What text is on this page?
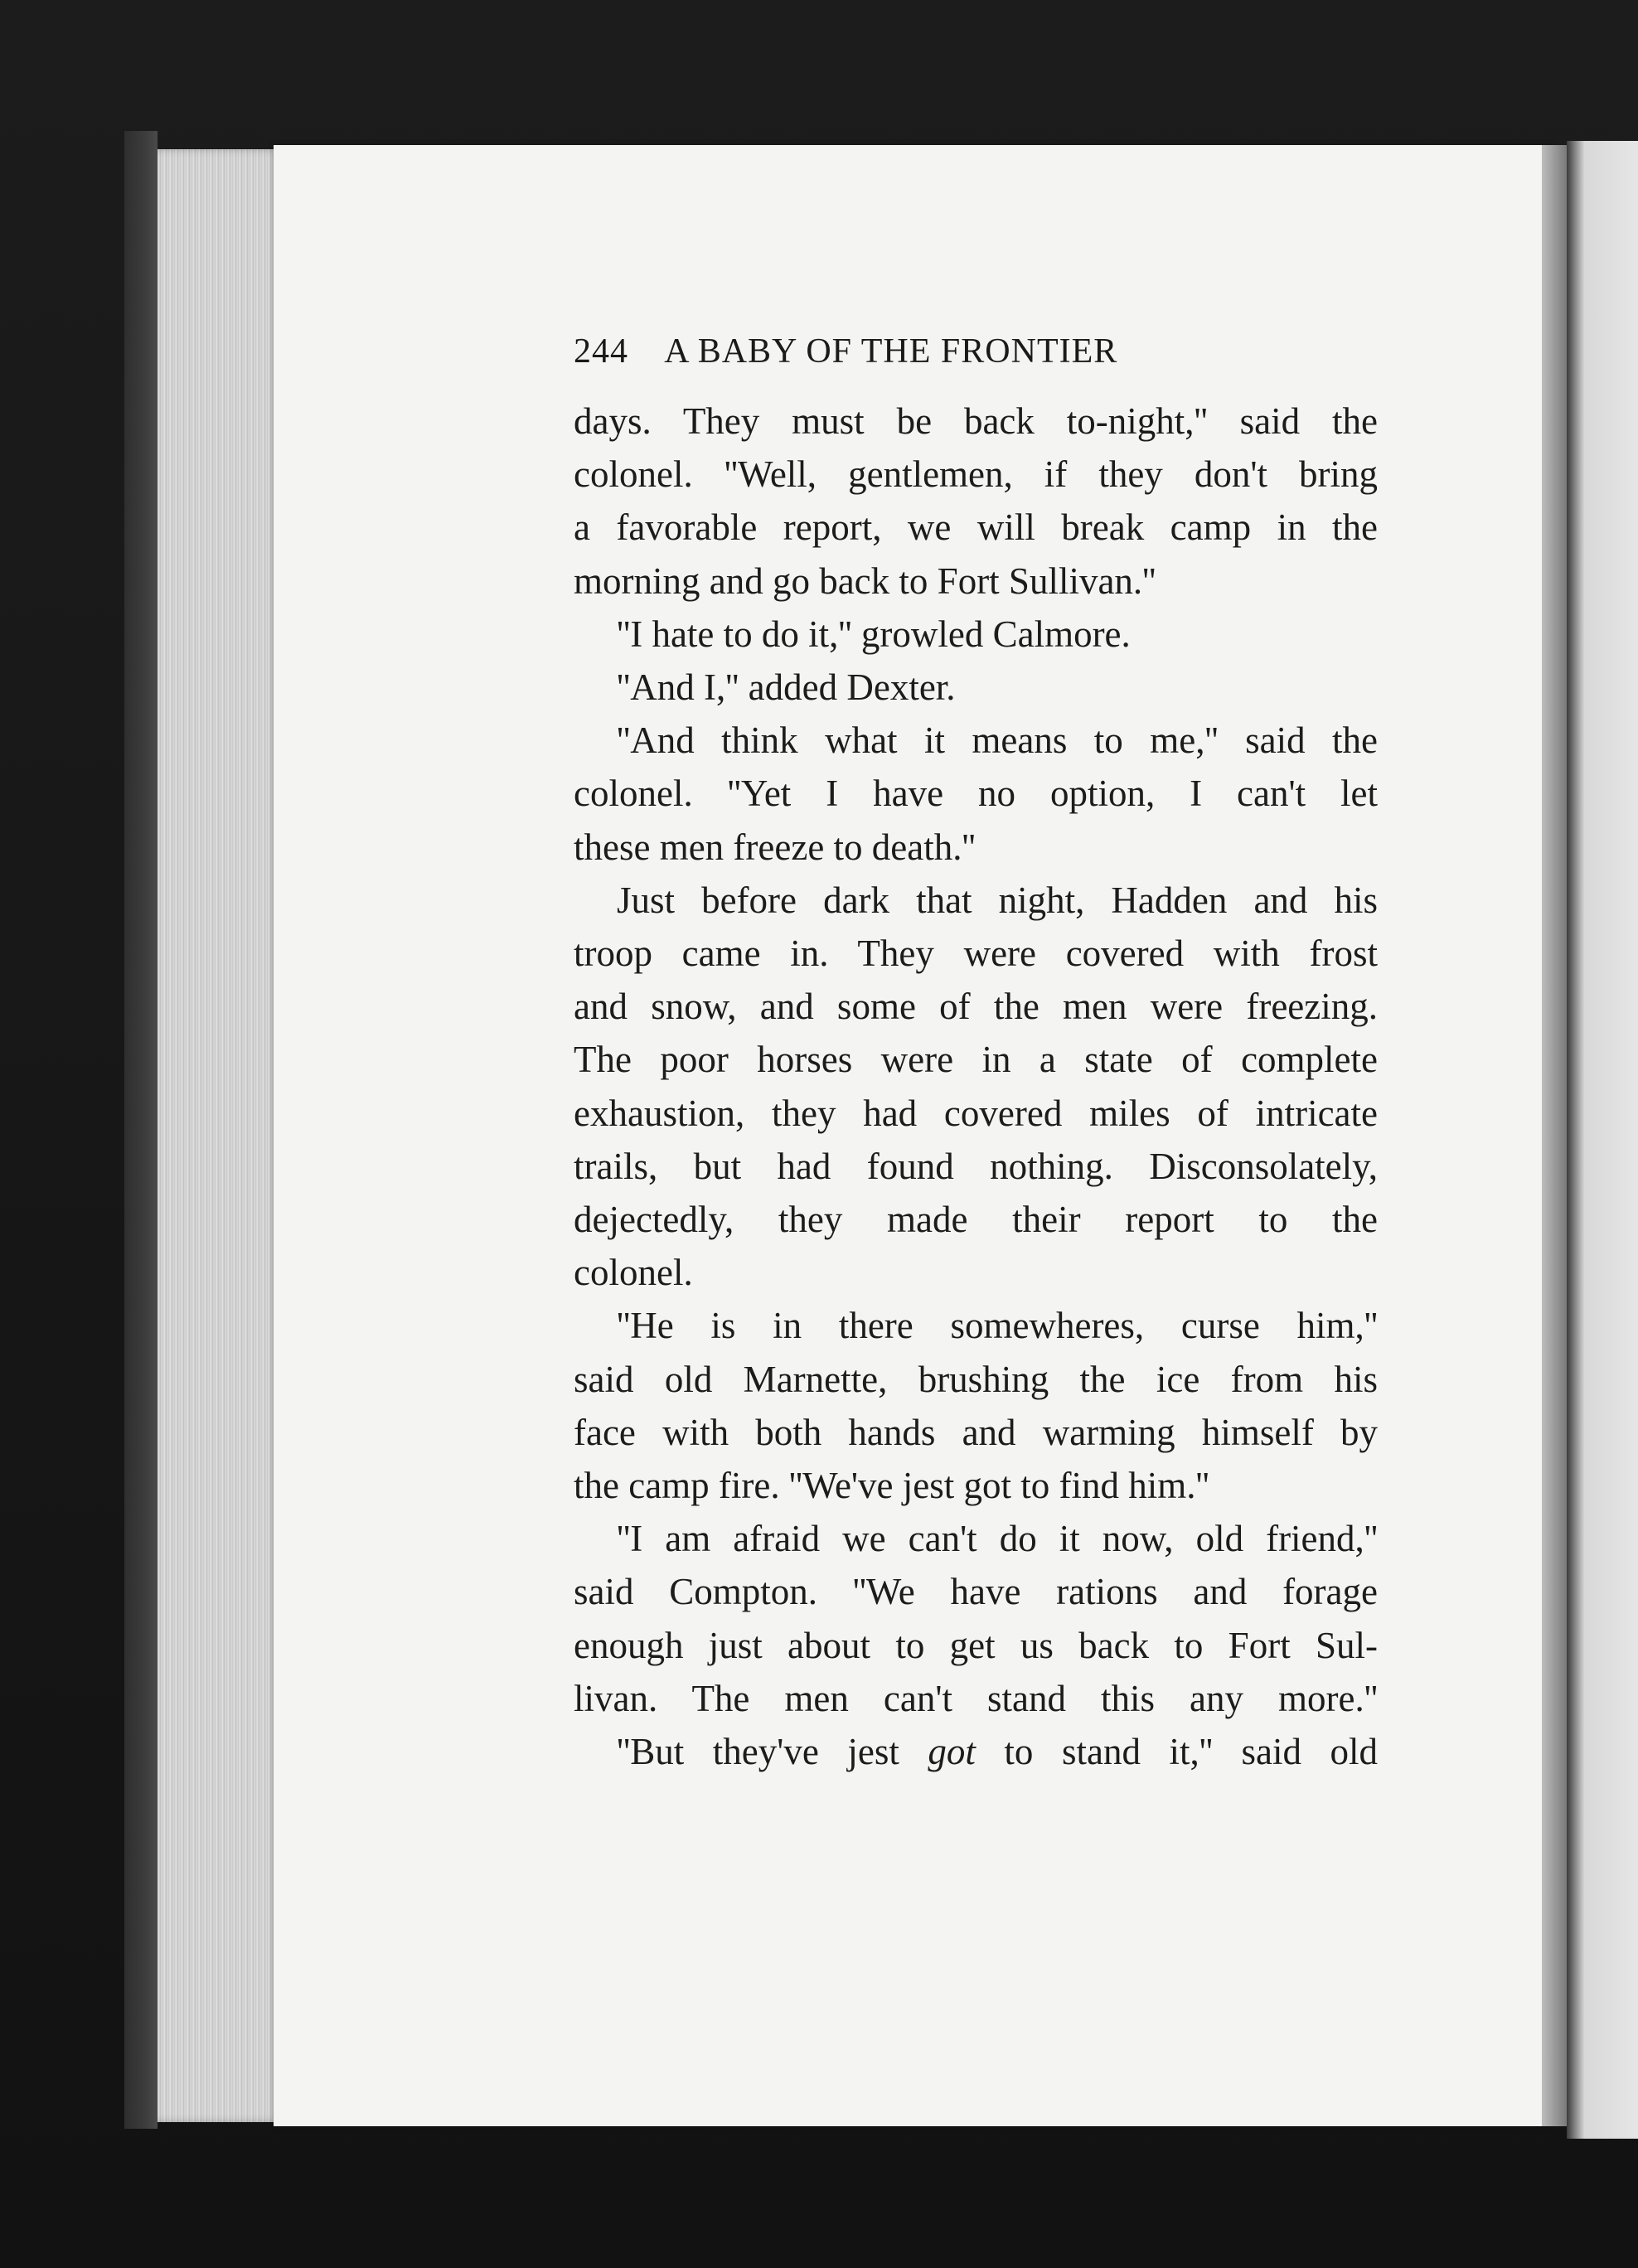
244 A BABY OF THE FRONTIER
days. They must be back to-night,'' said the
colonel. ''Well, gentlemen, if they don't bring
a favorable report, we will break camp in the
morning and go back to Fort Sullivan.''
''I hate to do it,'' growled Calmore.
''And I,'' added Dexter.
''And think what it means to me,'' said the
colonel. ''Yet I have no option, I can't let
these men freeze to death.''
Just before dark that night, Hadden and his
troop came in. They were covered with frost
and snow, and some of the men were freezing.
The poor horses were in a state of complete
exhaustion, they had covered miles of intricate
trails, but had found nothing. Disconsolately,
dejectedly, they made their report to the
colonel.
''He is in there somewheres, curse him,''
said old Marnette, brushing the ice from his
face with both hands and warming himself by
the camp fire. ''We've jest got to find him.''
''I am afraid we can't do it now, old friend,''
said Compton. ''We have rations and forage
enough just about to get us back to Fort Sul-
livan. The men can't stand this any more.''
''But they've jest got to stand it,'' said old
